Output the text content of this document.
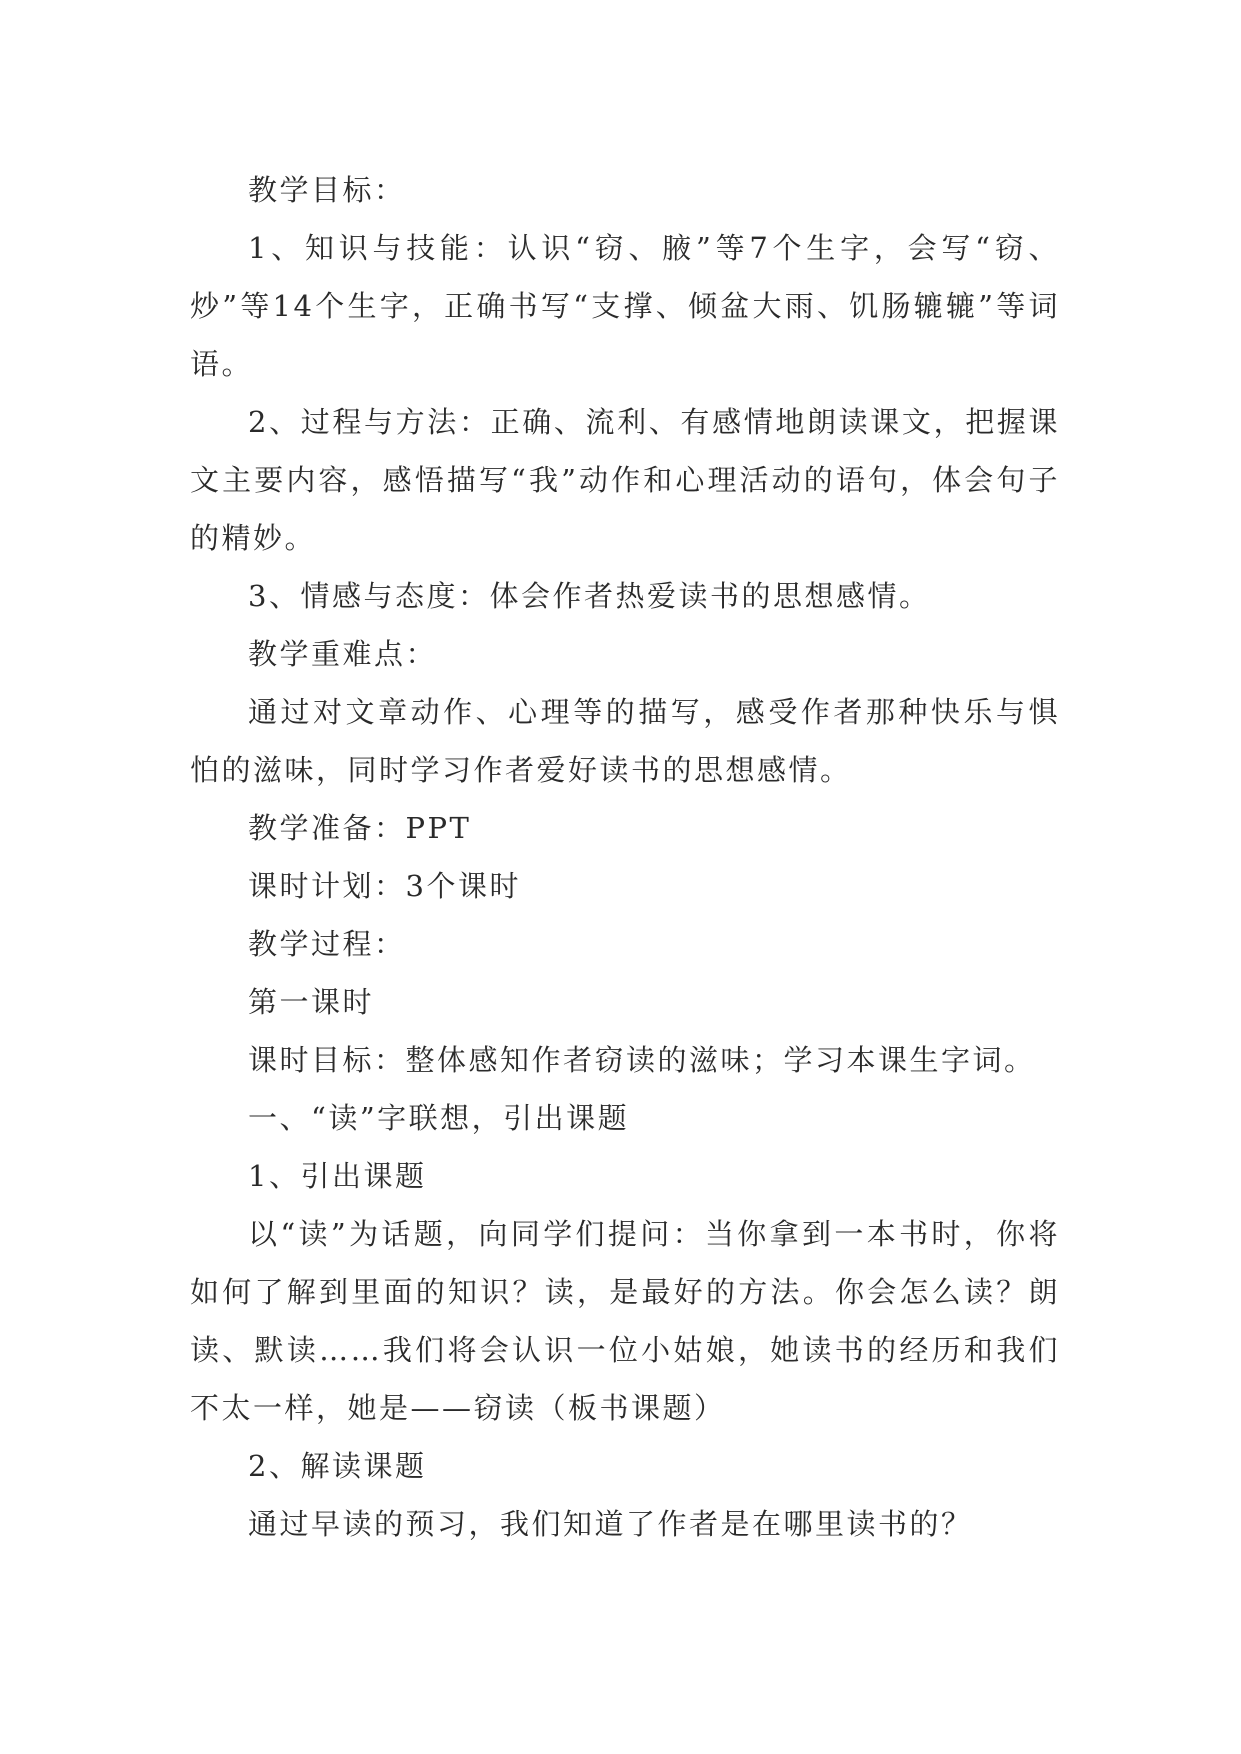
教学目标：

1、知识与技能：认识“窃、腋”等7个生字，会写“窃、炒”等14个生字，正确书写“支撑、倾盆大雨、饥肠辘辘”等词语。

2、过程与方法：正确、流利、有感情地朗读课文，把握课文主要内容，感悟描写“我”动作和心理活动的语句，体会句子的精妙。

3、情感与态度：体会作者热爱读书的思想感情。

教学重难点：

通过对文章动作、心理等的描写，感受作者那种快乐与惧怕的滋味，同时学习作者爱好读书的思想感情。

教学准备：PPT

课时计划：3个课时

教学过程：

第一课时

课时目标：整体感知作者窃读的滋味；学习本课生字词。

一、“读”字联想，引出课题

1、引出课题

以“读”为话题，向同学们提问：当你拿到一本书时，你将如何了解到里面的知识？读，是最好的方法。你会怎么读？朗读、默读……我们将会认识一位小姑娘，她读书的经历和我们不太一样，她是——窃读（板书课题）

2、解读课题

通过早读的预习，我们知道了作者是在哪里读书的？
